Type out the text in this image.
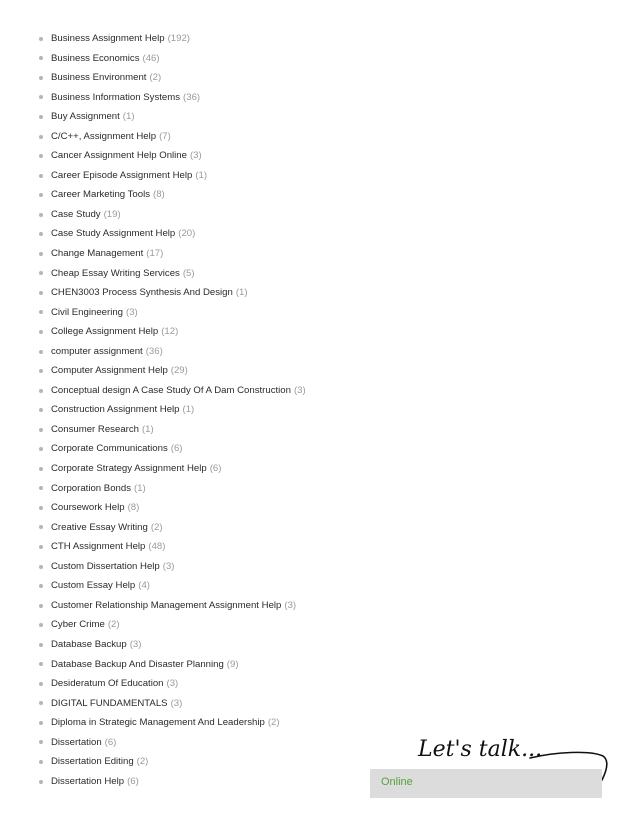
Business Assignment Help (192)
Business Economics (46)
Business Environment (2)
Business Information Systems (36)
Buy Assignment (1)
C/C++, Assignment Help (7)
Cancer Assignment Help Online (3)
Career Episode Assignment Help (1)
Career Marketing Tools (8)
Case Study (19)
Case Study Assignment Help (20)
Change Management (17)
Cheap Essay Writing Services (5)
CHEN3003 Process Synthesis And Design (1)
Civil Engineering (3)
College Assignment Help (12)
computer assignment (36)
Computer Assignment Help (29)
Conceptual design A Case Study Of A Dam Construction (3)
Construction Assignment Help (1)
Consumer Research (1)
Corporate Communications (6)
Corporate Strategy Assignment Help (6)
Corporation Bonds (1)
Coursework Help (8)
Creative Essay Writing (2)
CTH Assignment Help (48)
Custom Dissertation Help (3)
Custom Essay Help (4)
Customer Relationship Management Assignment Help (3)
Cyber Crime (2)
Database Backup (3)
Database Backup And Disaster Planning (9)
Desideratum Of Education (3)
DIGITAL FUNDAMENTALS (3)
Diploma in Strategic Management And Leadership (2)
Dissertation (6)
Dissertation Editing (2)
Dissertation Help (6)
Let's talk...
Online
